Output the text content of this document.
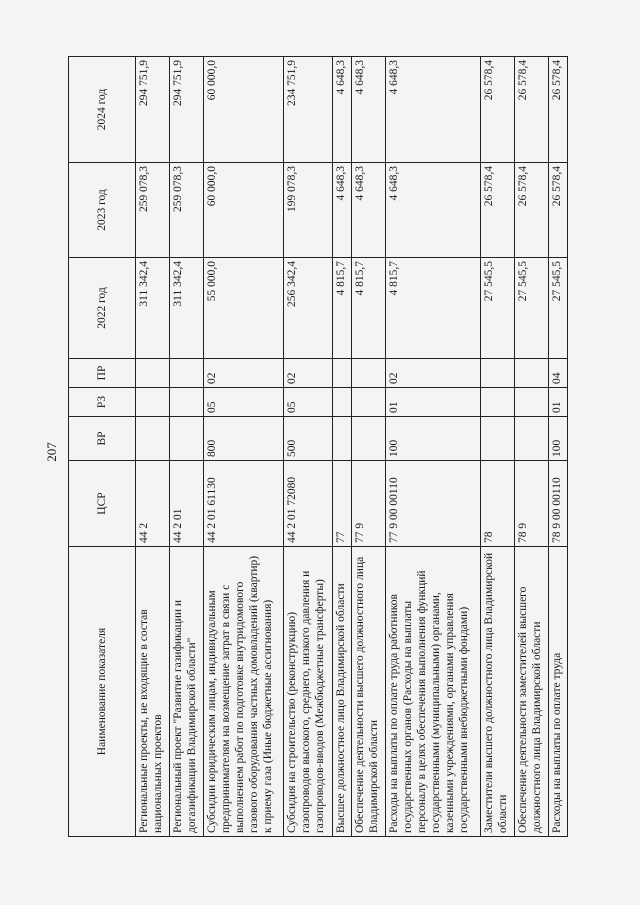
207
Наименование показателя	ЦСР	ВР	РЗ	ПР	2022 год	2023 год	2024 год
Региональные проекты, не входящие в состав национальных проектов	44 2				311 342,4	259 078,3	294 751,9
Региональный проект "Развитие газификации и догазификации Владимирской области"	44 2 01				311 342,4	259 078,3	294 751,9
Субсидии юридическим лицам, индивидуальным предпринимателям на возмещение затрат в связи с выполнением работ по подготовке внутридомового газового оборудования частных домовладений (квартир) к приему газа (Иные бюджетные ассигнования)	44 2 01 61130	800	05	02	55 000,0	60 000,0	60 000,0
Субсидия на строительство (реконструкцию) газопроводов высокого, среднего, низкого давления и газопроводов-вводов (Межбюджетные трансферты)	44 2 01 72080	500	05	02	256 342,4	199 078,3	234 751,9
Высшее должностное лицо Владимирской области	77				4 815,7	4 648,3	4 648,3
Обеспечение деятельности высшего должностного лица Владимирской области	77 9				4 815,7	4 648,3	4 648,3
Расходы на выплаты по оплате труда работников государственных органов (Расходы на выплаты персоналу в целях обеспечения выполнения функций государственными (муниципальными) органами, казенными учреждениями, органами управления государственными внебюджетными фондами)	77 9 00 00110	100	01	02	4 815,7	4 648,3	4 648,3
Заместители высшего должностного лица Владимирской области	78				27 545,5	26 578,4	26 578,4
Обеспечение деятельности заместителей высшего должностного лица Владимирской области	78 9				27 545,5	26 578,4	26 578,4
Расходы на выплаты по оплате труда	78 9 00 00110	100	01	04	27 545,5	26 578,4	26 578,4
